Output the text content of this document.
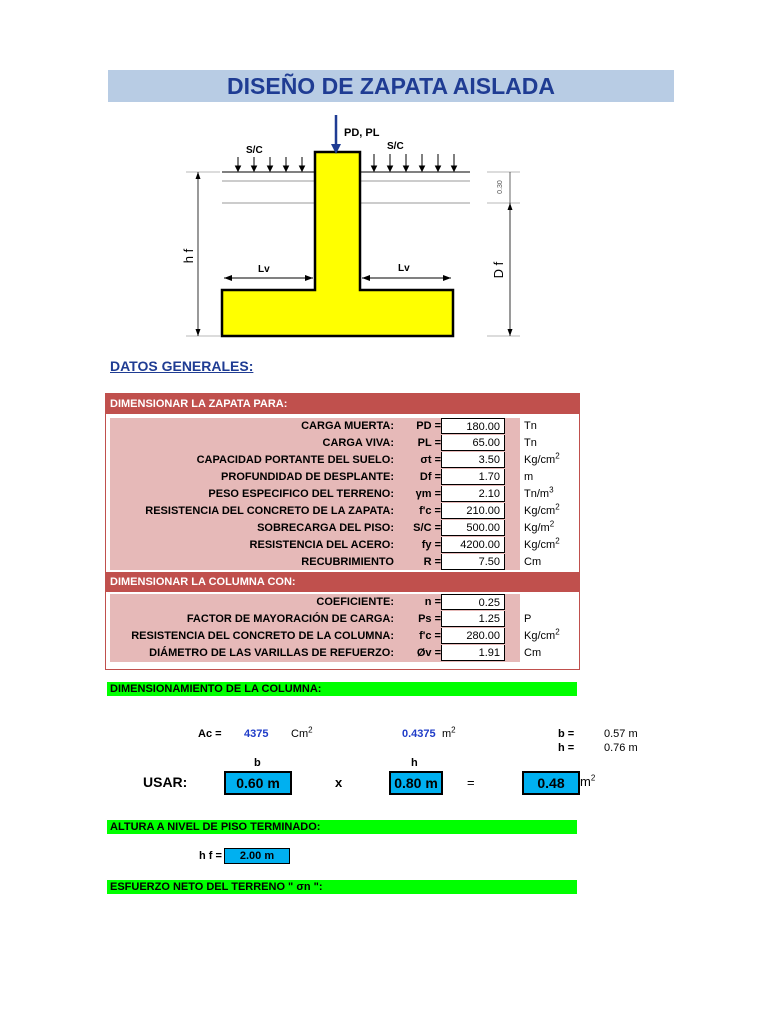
DISEÑO DE ZAPATA AISLADA
PD, PL
S/C	S/C
Lv	Lv
h f
0.30
D f
DATOS GENERALES:
DIMENSIONAR LA ZAPATA PARA:
CARGA MUERTA:	PD =	180.00	Tn
CARGA VIVA:	PL =	65.00	Tn
CAPACIDAD PORTANTE DEL SUELO:	σt =	3.50	$Kg/cm^2$
PROFUNDIDAD DE DESPLANTE:	Df =	1.70	m
PESO ESPECIFICO DEL TERRENO:	γm =	2.10	$Tn/m^3$
RESISTENCIA DEL CONCRETO DE LA ZAPATA:	f'c =	210.00	$Kg/cm^2$
SOBRECARGA DEL PISO:	S/C =	500.00	$Kg/m^2$
RESISTENCIA DEL ACERO:	fy =	4200.00	$Kg/cm^2$
RECUBRIMIENTO	R =	7.50	Cm
DIMENSIONAR LA COLUMNA CON:
COEFICIENTE:	n =	0.25
FACTOR DE MAYORACIÓN DE CARGA:	Ps =	1.25	P
RESISTENCIA DEL CONCRETO DE LA COLUMNA:	f'c =	280.00	$Kg/cm^2$
DIÁMETRO DE LAS VARILLAS DE REFUERZO:	Øv =	1.91	Cm
DIMENSIONAMIENTO DE LA COLUMNA:
Ac = 4375 Cm$^2$	0.4375 $m^2$	b =	0.57 m
h =	0.76 m
b	h
USAR:	0.60 m	x	0.80 m	=	0.48	$m^2$
ALTURA A NIVEL DE PISO TERMINADO:
h f =	2.00 m
ESFUERZO NETO DEL TERRENO " σn ":
